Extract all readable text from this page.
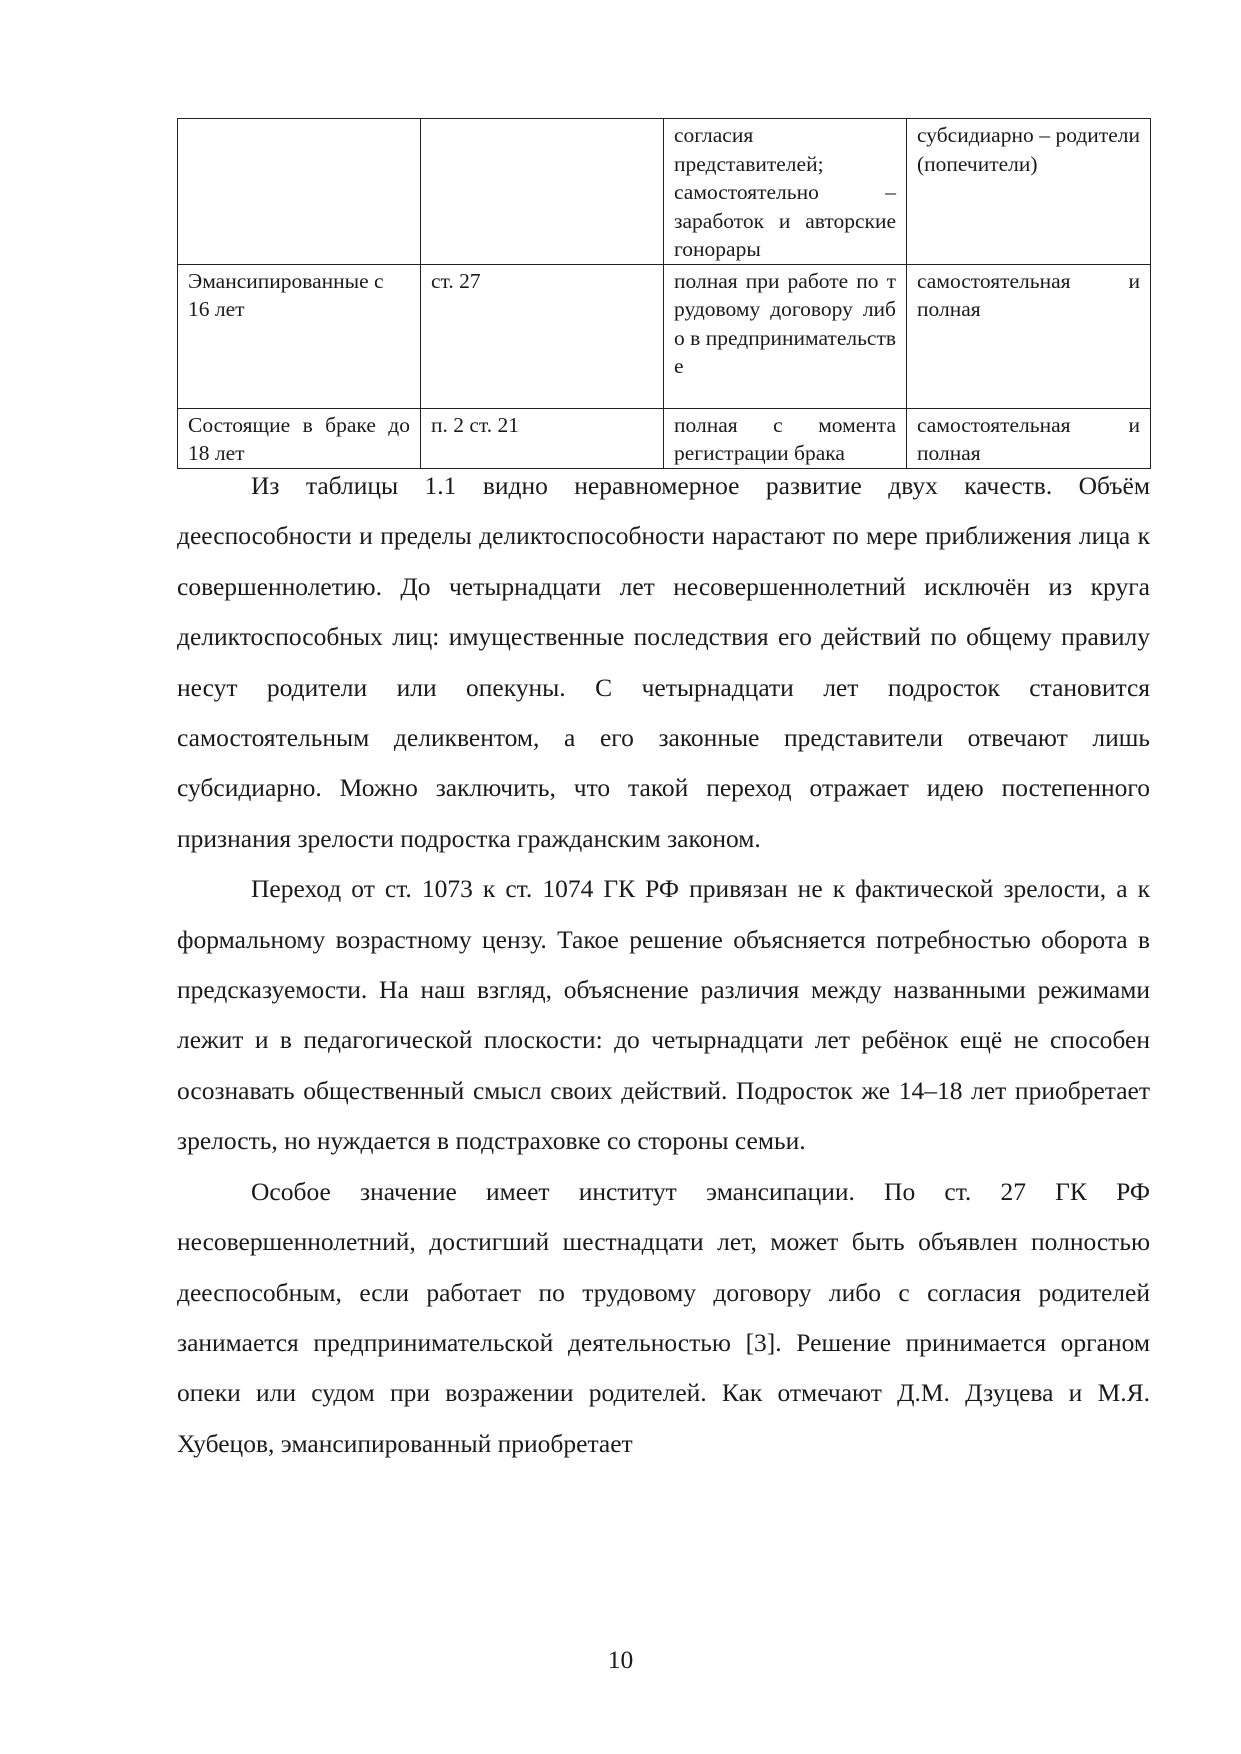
		согласия представителей; самостоятельно – заработок и авторские гонорары	субсидиарно – родители (попечители)
Эмансипированные с 16 лет	ст. 27	полная при работе по трудовому договору либо в предпринимательстве	самостоятельная и полная
Состоящие в браке до 18 лет	п. 2 ст. 21	полная с момента регистрации брака	самостоятельная и полная

Из таблицы 1.1 видно неравномерное развитие двух качеств. Объём дееспособности и пределы деликтоспособности нарастают по мере приближения лица к совершеннолетию. До четырнадцати лет несовершеннолетний исключён из круга деликтоспособных лиц: имущественные последствия его действий по общему правилу несут родители или опекуны. С четырнадцати лет подросток становится самостоятельным деликвентом, а его законные представители отвечают лишь субсидиарно. Можно заключить, что такой переход отражает идею постепенного признания зрелости подростка гражданским законом.

Переход от ст. 1073 к ст. 1074 ГК РФ привязан не к фактической зрелости, а к формальному возрастному цензу. Такое решение объясняется потребностью оборота в предсказуемости. На наш взгляд, объяснение различия между названными режимами лежит и в педагогической плоскости: до четырнадцати лет ребёнок ещё не способен осознавать общественный смысл своих действий. Подросток же 14–18 лет приобретает зрелость, но нуждается в подстраховке со стороны семьи.

Особое значение имеет институт эмансипации. По ст. 27 ГК РФ несовершеннолетний, достигший шестнадцати лет, может быть объявлен полностью дееспособным, если работает по трудовому договору либо с согласия родителей занимается предпринимательской деятельностью [3]. Решение принимается органом опеки или судом при возражении родителей. Как отмечают Д.М. Дзуцева и М.Я. Хубецов, эмансипированный приобретает

10
